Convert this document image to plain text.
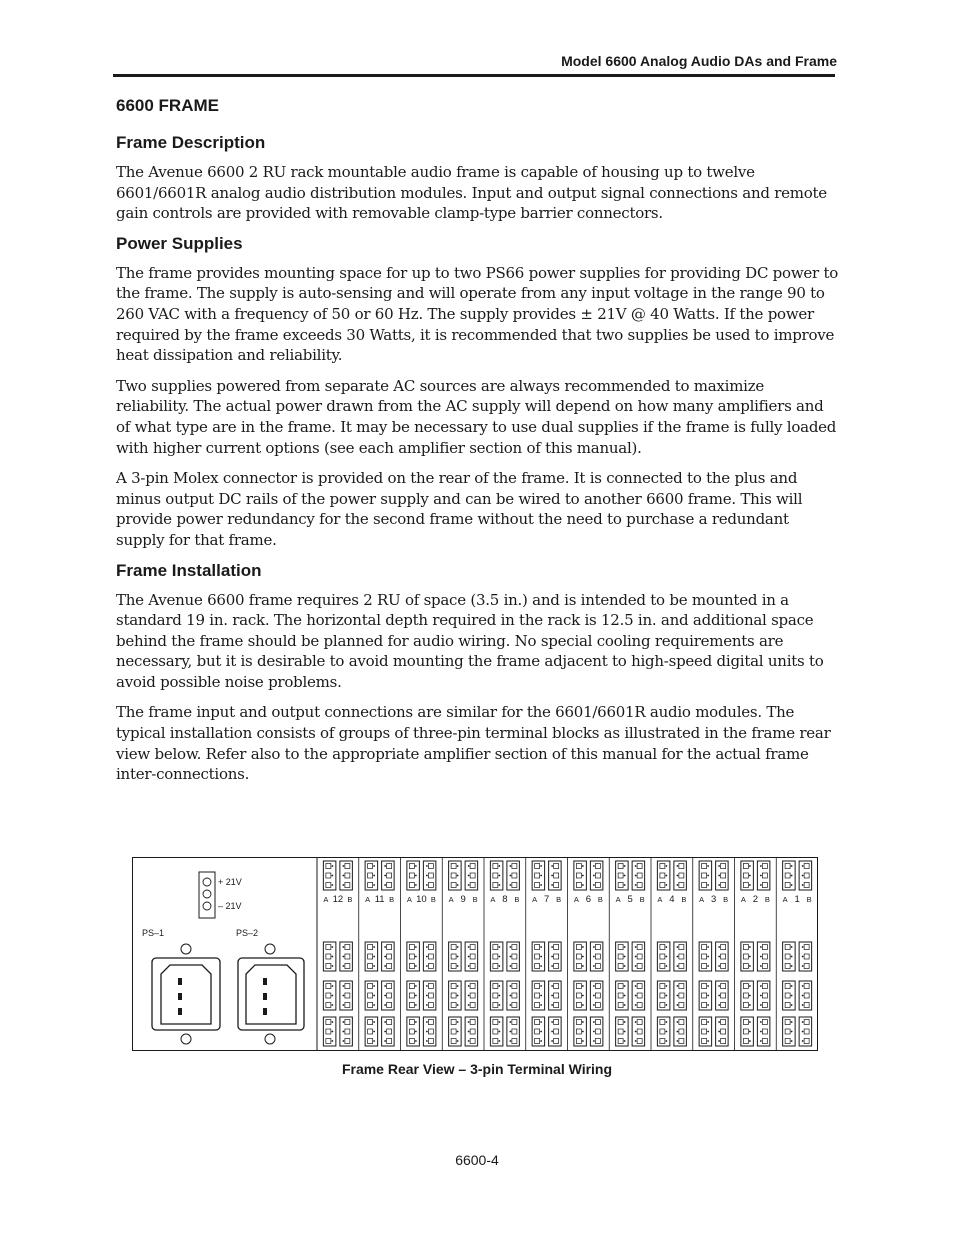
Model 6600 Analog Audio DAs and Frame
6600 FRAME
Frame Description

The Avenue 6600 2 RU rack mountable audio frame is capable of housing up to twelve 6601/6601R analog audio distribution modules. Input and output signal connections and remote gain controls are provided with removable clamp-type barrier connectors.

Power Supplies

The frame provides mounting space for up to two PS66 power supplies for providing DC power to the frame. The supply is auto-sensing and will operate from any input voltage in the range 90 to 260 VAC with a frequency of 50 or 60 Hz. The supply provides ± 21V @ 40 Watts. If the power required by the frame exceeds 30 Watts, it is recommended that two supplies be used to improve heat dissipation and reliability.

Two supplies powered from separate AC sources are always recommended to maximize reliability. The actual power drawn from the AC supply will depend on how many amplifiers and of what type are in the frame. It may be necessary to use dual supplies if the frame is fully loaded with higher current options (see each amplifier section of this manual).

A 3-pin Molex connector is provided on the rear of the frame. It is connected to the plus and minus output DC rails of the power supply and can be wired to another 6600 frame. This will provide power redundancy for the second frame without the need to purchase a redundant supply for that frame.

Frame Installation

The Avenue 6600 frame requires 2 RU of space (3.5 in.) and is intended to be mounted in a standard 19 in. rack. The horizontal depth required in the rack is 12.5 in. and additional space behind the frame should be planned for audio wiring. No special cooling requirements are necessary, but it is desirable to avoid mounting the frame adjacent to high-speed digital units to avoid possible noise problems.

The frame input and output connections are similar for the 6601/6601R audio modules. The typical installation consists of groups of three-pin terminal blocks as illustrated in the frame rear view below. Refer also to the appropriate amplifier section of this manual for the actual frame inter-connections.

+ 21V
– 21V
PS–1	PS–2
A 12 B A 11 B A 10 B A 9 B A 8 B A 7 B A 6 B A 5 B A 4 B A 3 B A 2 B A 1 B
Frame Rear View – 3-pin Terminal Wiring
6600-4
